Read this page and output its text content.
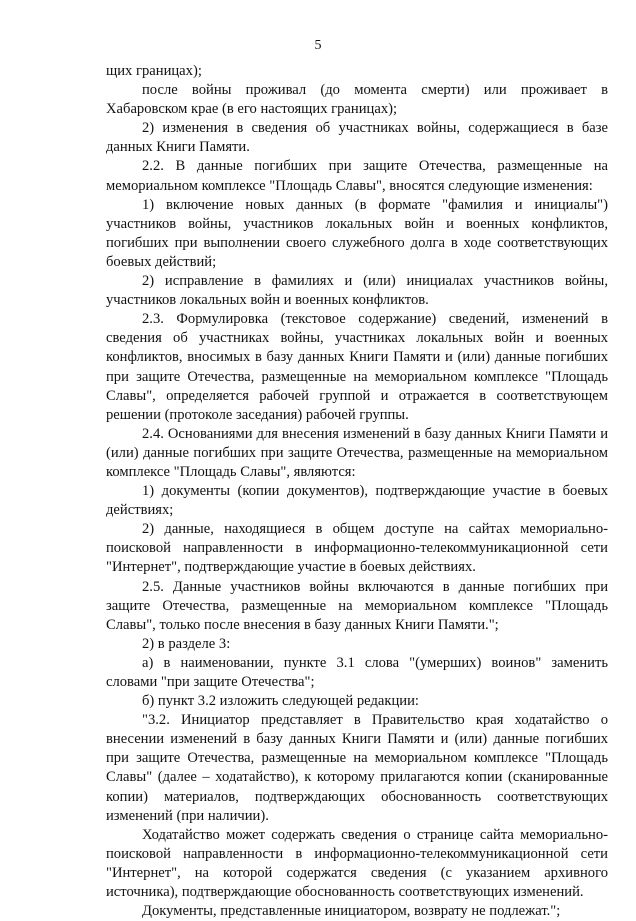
5

щих границах);

после войны проживал (до момента смерти) или проживает в Хабаровском крае (в его настоящих границах);

2) изменения в сведения об участниках войны, содержащиеся в базе данных Книги Памяти.

2.2. В данные погибших при защите Отечества, размещенные на мемориальном комплексе "Площадь Славы", вносятся следующие изменения:

1) включение новых данных (в формате "фамилия и инициалы") участников войны, участников локальных войн и военных конфликтов, погибших при выполнении своего служебного долга в ходе соответствующих боевых действий;

2) исправление в фамилиях и (или) инициалах участников войны, участников локальных войн и военных конфликтов.

2.3. Формулировка (текстовое содержание) сведений, изменений в сведения об участниках войны, участниках локальных войн и военных конфликтов, вносимых в базу данных Книги Памяти и (или) данные погибших при защите Отечества, размещенные на мемориальном комплексе "Площадь Славы", определяется рабочей группой и отражается в соответствующем решении (протоколе заседания) рабочей группы.

2.4. Основаниями для внесения изменений в базу данных Книги Памяти и (или) данные погибших при защите Отечества, размещенные на мемориальном комплексе "Площадь Славы", являются:

1) документы (копии документов), подтверждающие участие в боевых действиях;

2) данные, находящиеся в общем доступе на сайтах мемориально-поисковой направленности в информационно-телекоммуникационной сети "Интернет", подтверждающие участие в боевых действиях.

2.5. Данные участников войны включаются в данные погибших при защите Отечества, размещенные на мемориальном комплексе "Площадь Славы", только после внесения в базу данных Книги Памяти.";

2) в разделе 3:

а) в наименовании, пункте 3.1 слова "(умерших) воинов" заменить словами "при защите Отечества";

б) пункт 3.2 изложить следующей редакции:

"3.2. Инициатор представляет в Правительство края ходатайство о внесении изменений в базу данных Книги Памяти и (или) данные погибших при защите Отечества, размещенные на мемориальном комплексе "Площадь Славы" (далее – ходатайство), к которому прилагаются копии (сканированные копии) материалов, подтверждающих обоснованность соответствующих изменений (при наличии).

Ходатайство может содержать сведения о странице сайта мемориально-поисковой направленности в информационно-телекоммуникационной сети "Интернет", на которой содержатся сведения (с указанием архивного источника), подтверждающие обоснованность соответствующих изменений.

Документы, представленные инициатором, возврату не подлежат.";
